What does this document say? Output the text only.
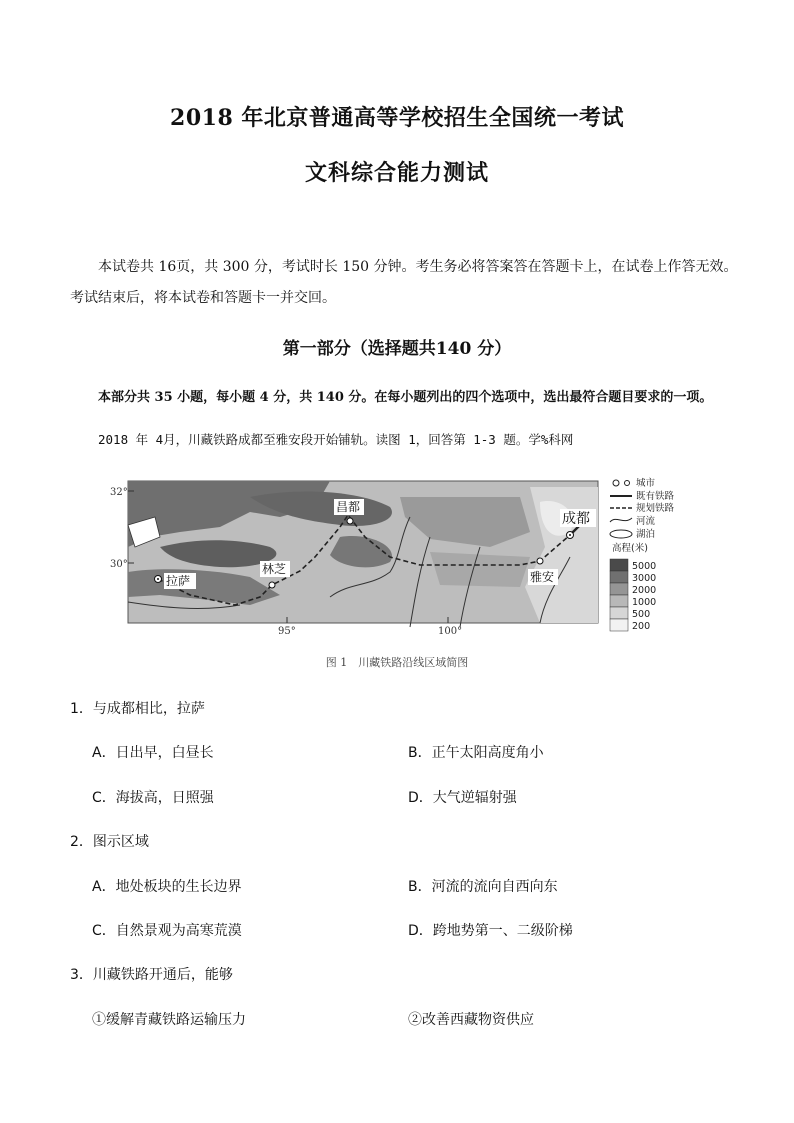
2018 年北京普通高等学校招生全国统一考试
文科综合能力测试
本试卷共 16页，共 300 分，考试时长 150 分钟。考生务必将答案答在答题卡上，在试卷上作答无效。
考试结束后，将本试卷和答题卡一并交回。
第一部分（选择题共140 分）
本部分共 35 小题，每小题 4 分，共 140 分。在每小题列出的四个选项中，选出最符合题目要求的一项。
2018 年 4月，川藏铁路成都至雅安段开始铺轨。读图 1，回答第 1-3 题。学%科网
32°
30°
95°	100°
昌都
成都
拉萨
林芝
雅安
城市
既有铁路
规划铁路
河流
湖泊
高程(米)
5000
3000
2000
1000
500
200
图 1　川藏铁路沿线区域简图
1．与成都相比，拉萨
A．日出早，白昼长	B．正午太阳高度角小
C．海拔高，日照强	D．大气逆辐射强
2．图示区域
A．地处板块的生长边界	B．河流的流向自西向东
C．自然景观为高寒荒漠	D．跨地势第一、二级阶梯
3．川藏铁路开通后，能够
①缓解青藏铁路运输压力	②改善西藏物资供应
